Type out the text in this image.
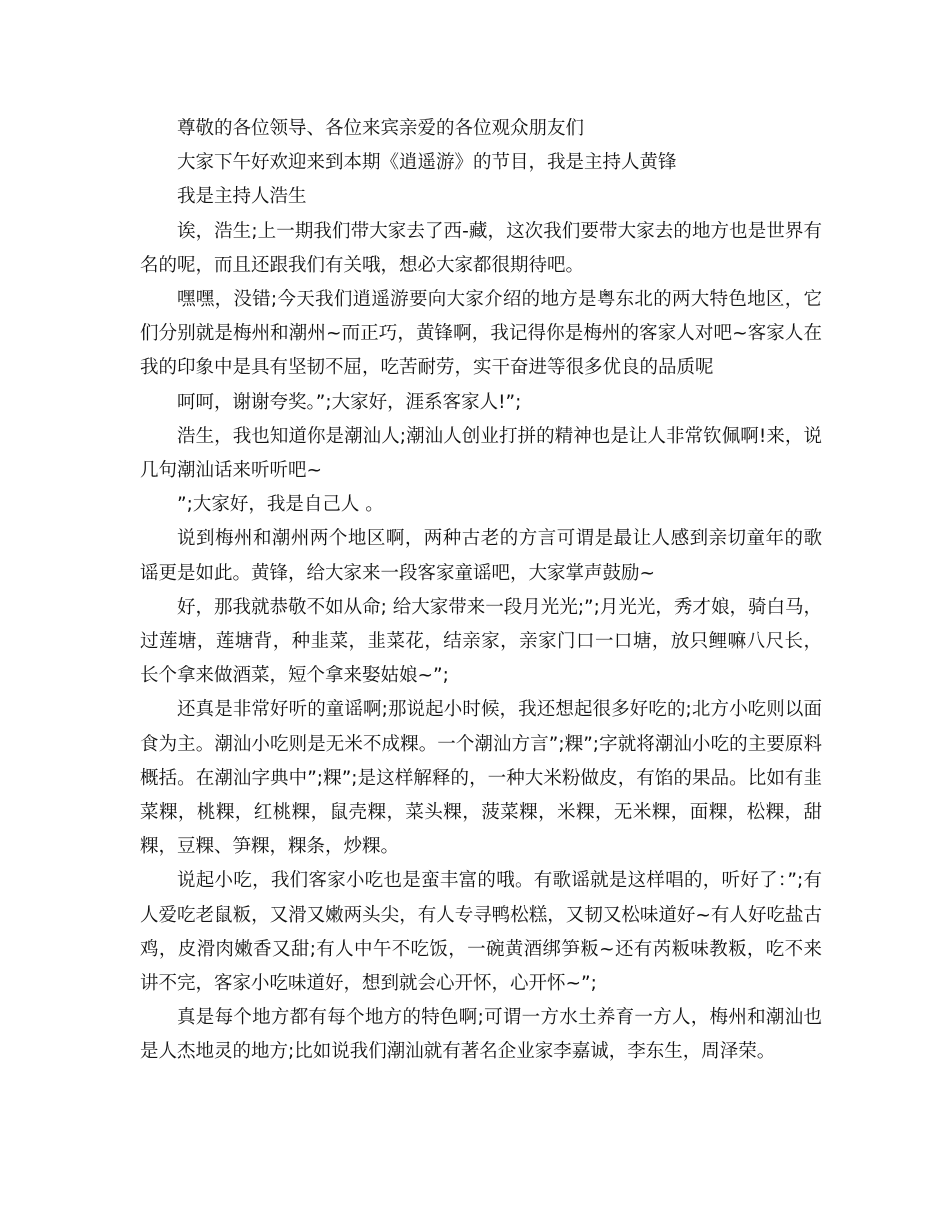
尊敬的各位领导、各位来宾亲爱的各位观众朋友们

大家下午好欢迎来到本期《逍遥游》的节目，我是主持人黄锋

我是主持人浩生

诶，浩生;上一期我们带大家去了西-藏，这次我们要带大家去的地方也是世界有名的呢，而且还跟我们有关哦，想必大家都很期待吧。

嘿嘿，没错;今天我们逍遥游要向大家介绍的地方是粤东北的两大特色地区，它们分别就是梅州和潮州~而正巧，黄锋啊，我记得你是梅州的客家人对吧~客家人在我的印象中是具有坚韧不屈，吃苦耐劳，实干奋进等很多优良的品质呢

呵呵，谢谢夸奖。”;大家好，涯系客家人!”;

浩生，我也知道你是潮汕人;潮汕人创业打拼的精神也是让人非常钦佩啊!来，说几句潮汕话来听听吧~

”;大家好，我是自己人 。

说到梅州和潮州两个地区啊，两种古老的方言可谓是最让人感到亲切童年的歌谣更是如此。黄锋，给大家来一段客家童谣吧，大家掌声鼓励~

好，那我就恭敬不如从命; 给大家带来一段月光光;”;月光光，秀才娘，骑白马，过莲塘，莲塘背，种韭菜，韭菜花，结亲家，亲家门口一口塘，放只鲤嘛八尺长，长个拿来做酒菜，短个拿来娶姑娘~”;

还真是非常好听的童谣啊;那说起小时候，我还想起很多好吃的;北方小吃则以面食为主。潮汕小吃则是无米不成粿。一个潮汕方言”;粿”;字就将潮汕小吃的主要原料概括。在潮汕字典中”;粿”;是这样解释的，一种大米粉做皮，有馅的果品。比如有韭菜粿，桃粿，红桃粿，鼠壳粿，菜头粿，菠菜粿，米粿，无米粿，面粿，松粿，甜粿，豆粿、笋粿，粿条，炒粿。

说起小吃，我们客家小吃也是蛮丰富的哦。有歌谣就是这样唱的，听好了：”;有人爱吃老鼠粄，又滑又嫩两头尖，有人专寻鸭松糕，又韧又松味道好~有人好吃盐古鸡，皮滑肉嫩香又甜;有人中午不吃饭，一碗黄酒绑笋粄~还有芮粄味教粄，吃不来讲不完，客家小吃味道好，想到就会心开怀，心开怀~”;

真是每个地方都有每个地方的特色啊;可谓一方水土养育一方人，梅州和潮汕也是人杰地灵的地方;比如说我们潮汕就有著名企业家李嘉诚，李东生，周泽荣。
